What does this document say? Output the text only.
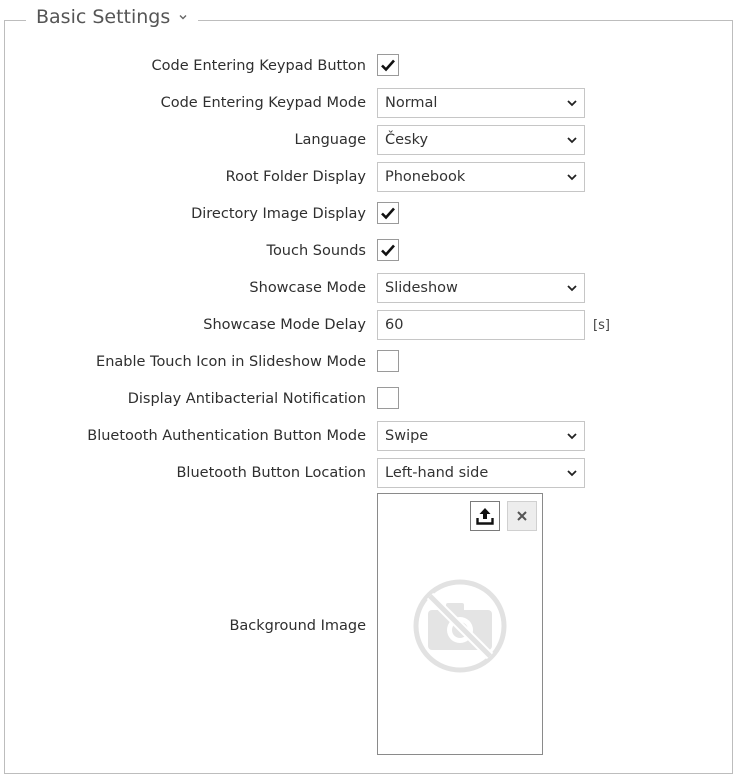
Basic Settings
Code Entering Keypad Button
Code Entering Keypad Mode Normal
Language Česky
Root Folder Display Phonebook
Directory Image Display
Touch Sounds
Showcase Mode Slideshow
Showcase Mode Delay
60	[s]
Enable Touch Icon in Slideshow Mode
Display Antibacterial Notification
Bluetooth Authentication Button Mode Swipe
Bluetooth Button Location Left-hand side
Background Image
